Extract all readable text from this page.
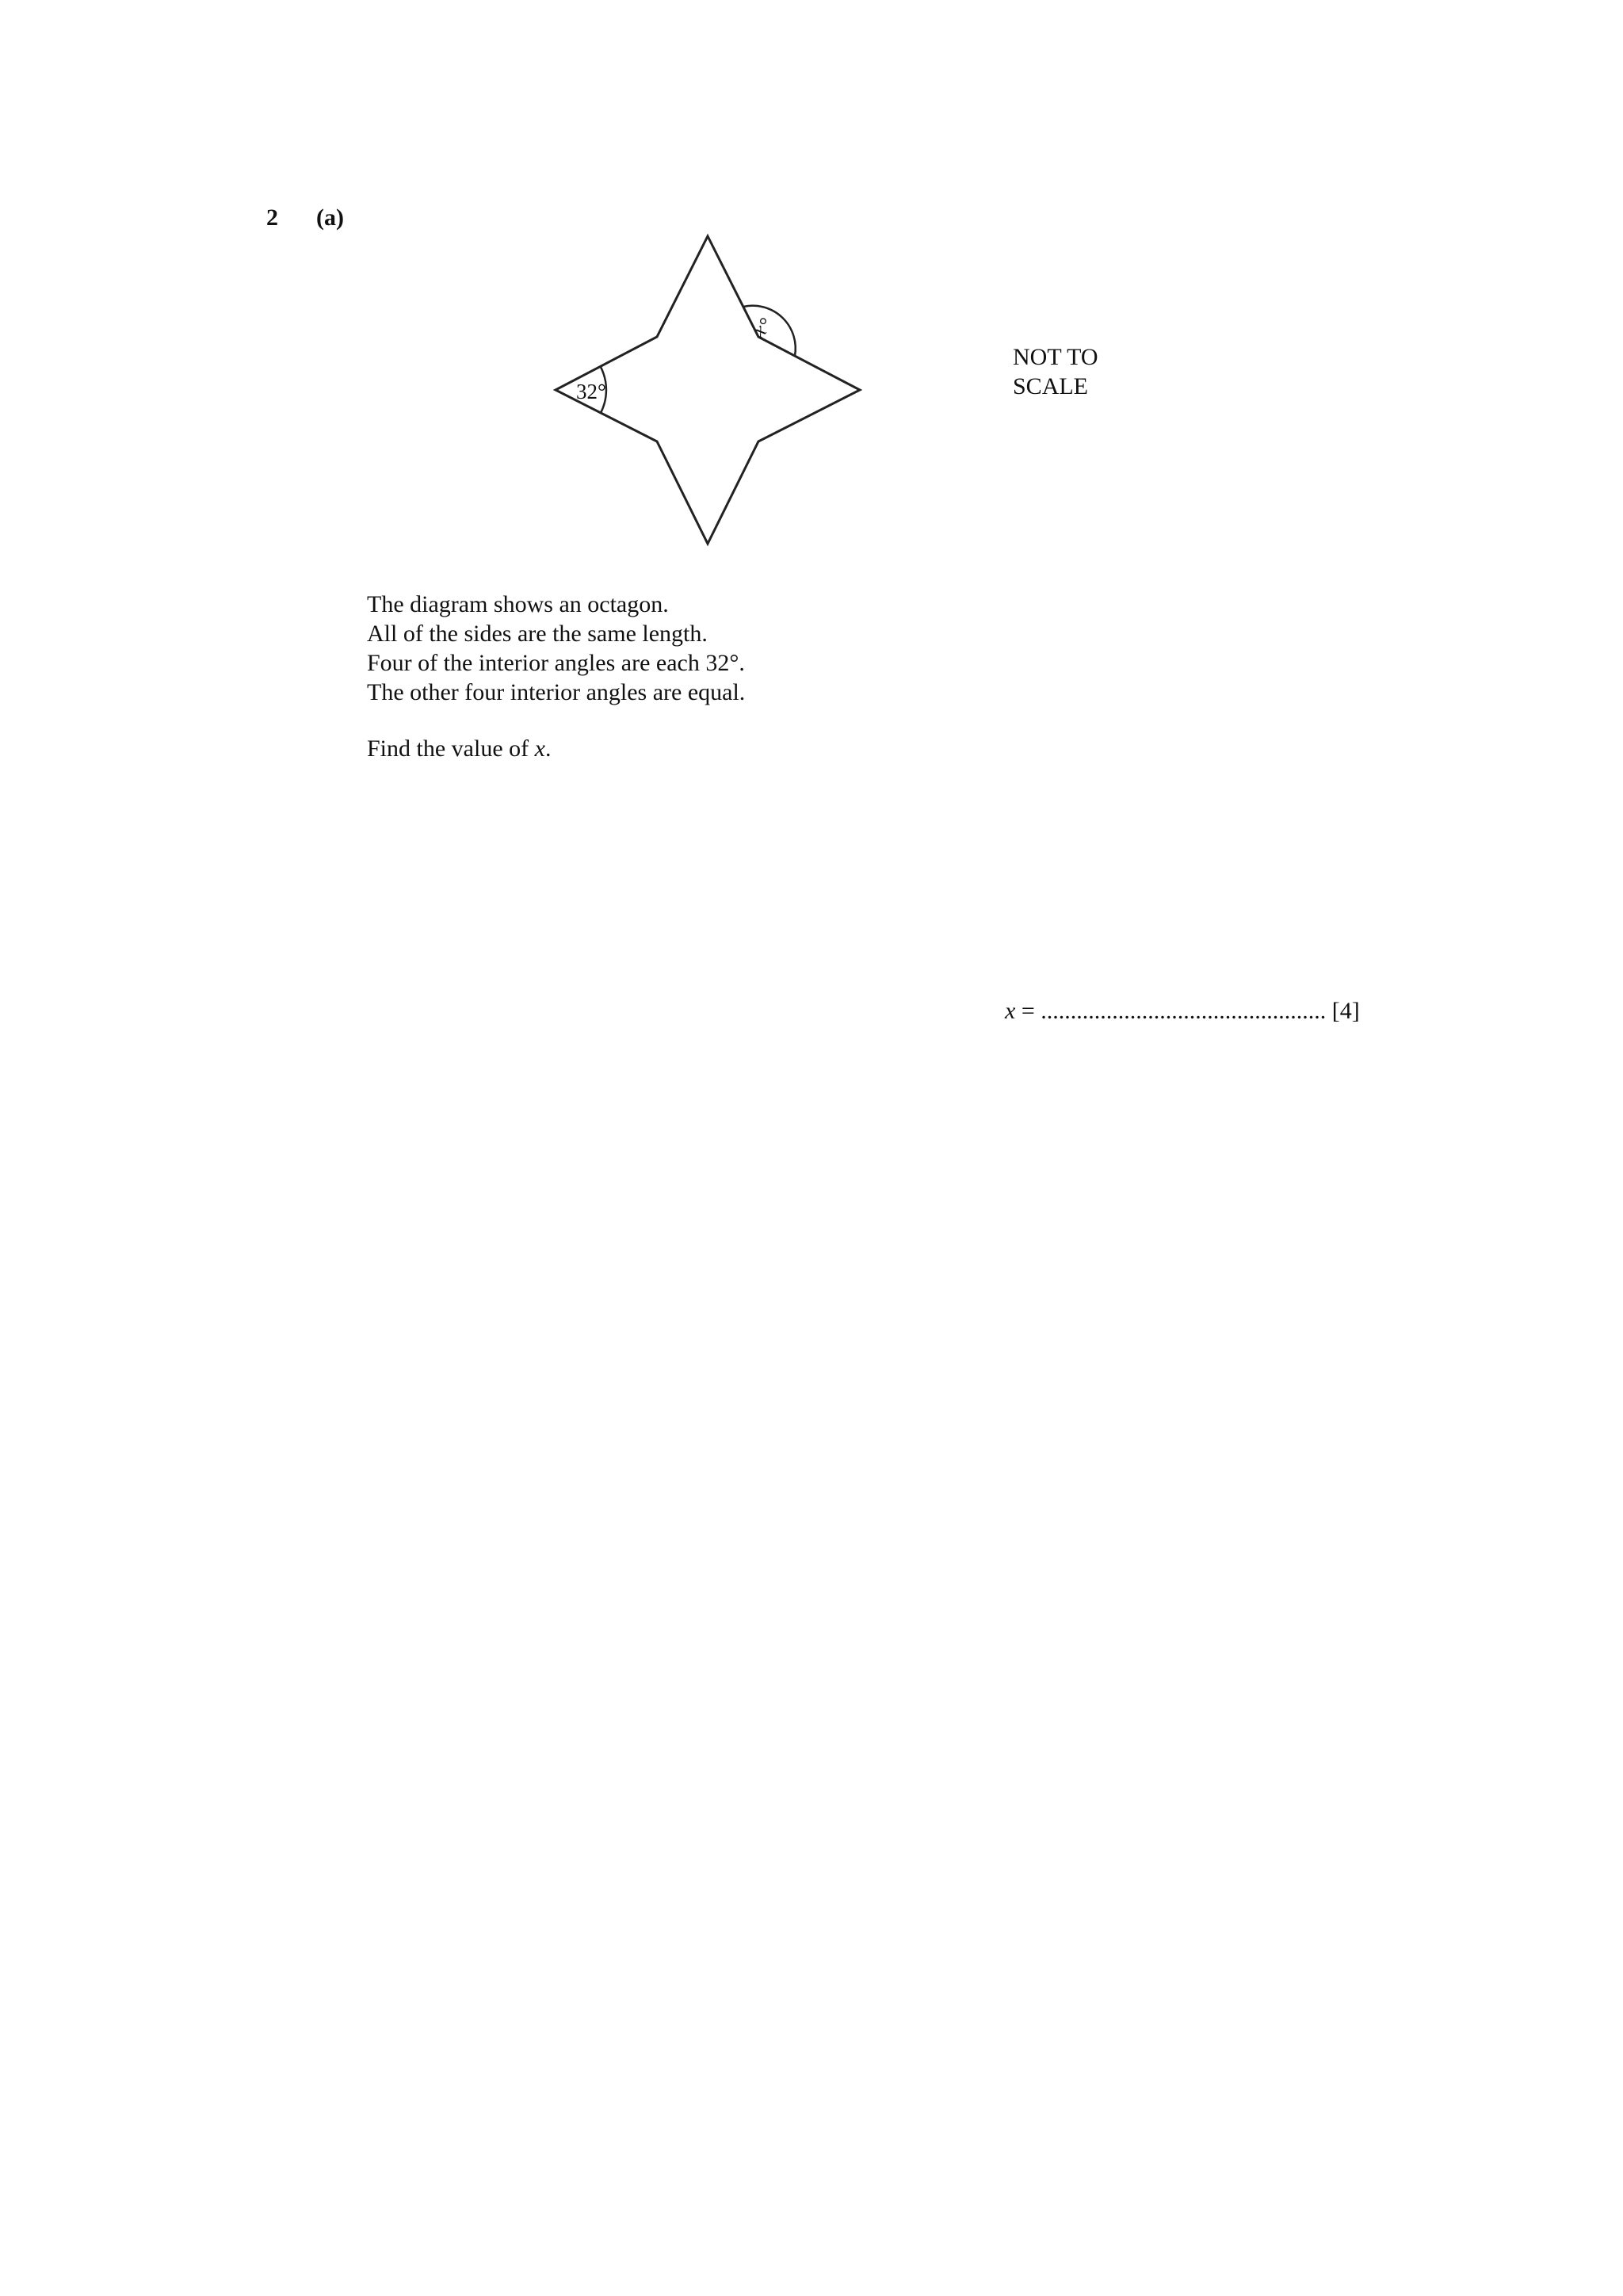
2 (a)
32°
x°
NOT TO
SCALE
The diagram shows an octagon.
All of the sides are the same length.
Four of the interior angles are each 32°.
The other four interior angles are equal.
Find the value of x.
x = ................................................ [4]
